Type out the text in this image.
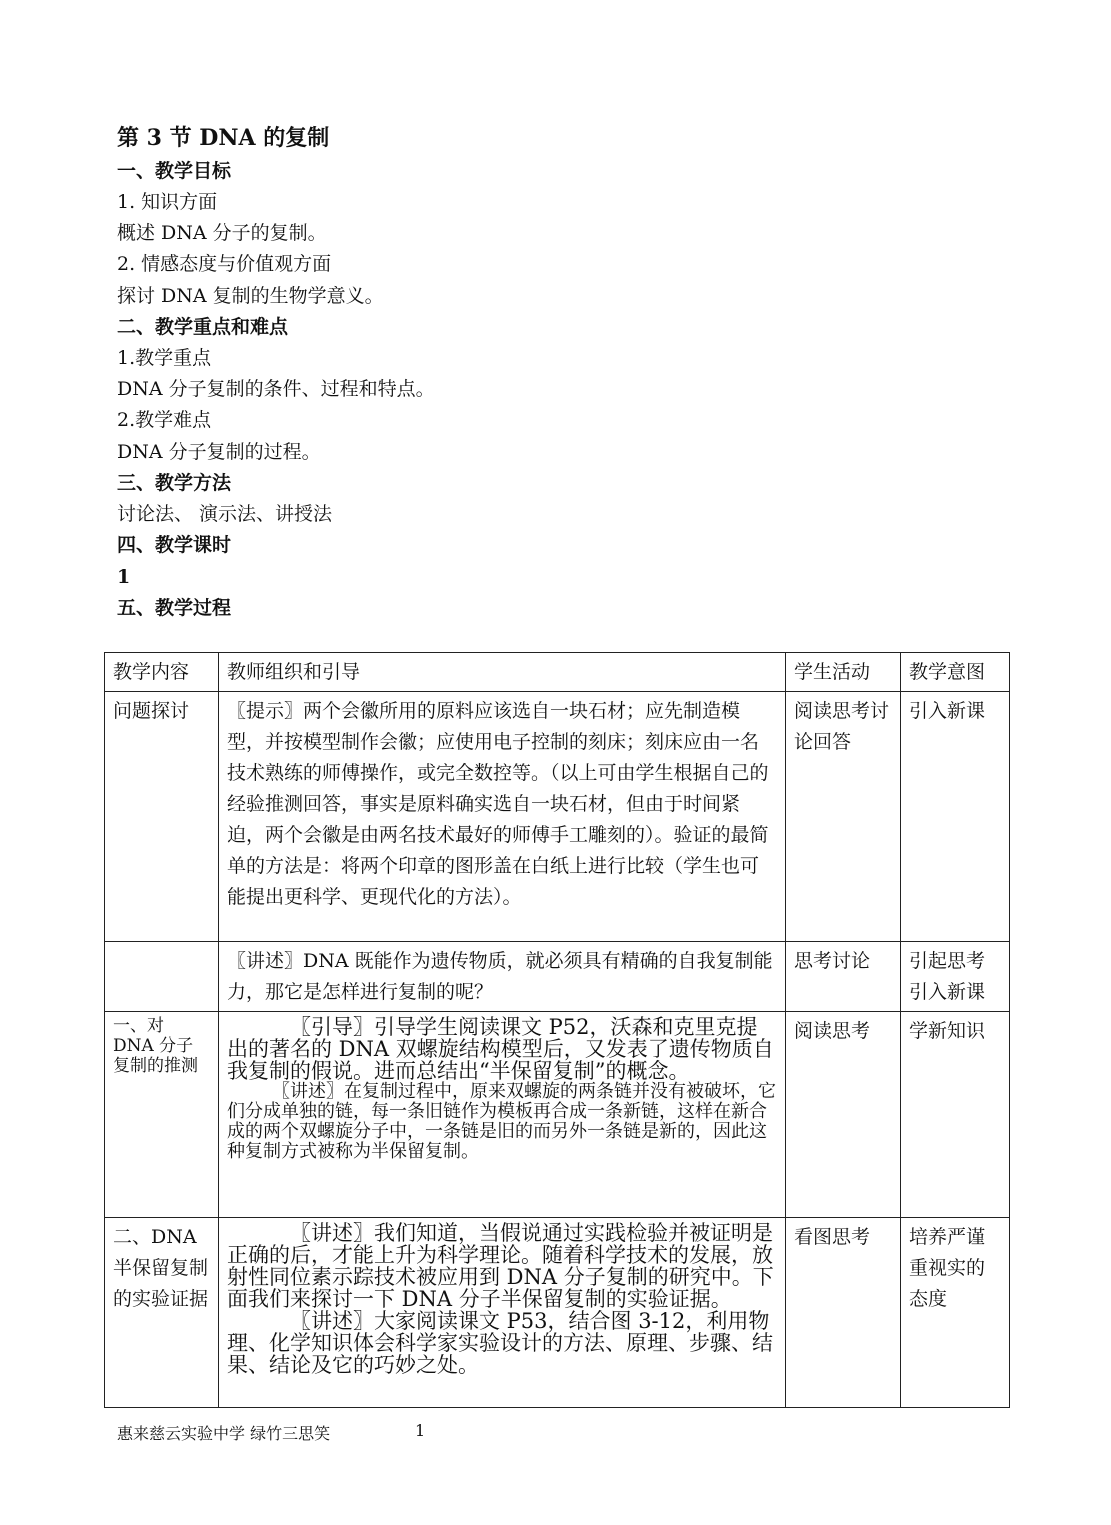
第 3 节 DNA 的复制
一、教学目标
1. 知识方面
概述 DNA 分子的复制。
2. 情感态度与价值观方面
探讨 DNA 复制的生物学意义。
二、教学重点和难点
1.教学重点
DNA 分子复制的条件、过程和特点。
2.教学难点
DNA 分子复制的过程。
三、教学方法
讨论法、 演示法、讲授法
四、教学课时
1
五、教学过程
教学内容	教师组织和引导	学生活动	教学意图
问题探讨	〖提示〗两个会徽所用的原料应该选自一块石材；应先制造模型，并按模型制作会徽；应使用电子控制的刻床；刻床应由一名技术熟练的师傅操作，或完全数控等。（以上可由学生根据自己的经验推测回答，事实是原料确实选自一块石材，但由于时间紧迫，两个会徽是由两名技术最好的师傅手工雕刻的）。验证的最简单的方法是：将两个印章的图形盖在白纸上进行比较（学生也可能提出更科学、更现代化的方法）。	阅读思考讨论回答	引入新课
	〖讲述〗DNA 既能作为遗传物质，就必须具有精确的自我复制能力，那它是怎样进行复制的呢？	思考讨论	引起思考引入新课
一、对 DNA 分子复制的推测	〖引导〗引导学生阅读课文 P52，沃森和克里克提出的著名的 DNA 双螺旋结构模型后，又发表了遗传物质自我复制的假说。进而总结出“半保留复制”的概念。

〖讲述〗在复制过程中，原来双螺旋的两条链并没有被破坏，它们分成单独的链，每一条旧链作为模板再合成一条新链，这样在新合成的两个双螺旋分子中，一条链是旧的而另外一条链是新的，因此这种复制方式被称为半保留复制。	阅读思考	学新知识
二、DNA 半保留复制的实验证据	〖讲述〗我们知道，当假说通过实践检验并被证明是正确的后，才能上升为科学理论。随着科学技术的发展，放射性同位素示踪技术被应用到 DNA 分子复制的研究中。下面我们来探讨一下 DNA 分子半保留复制的实验证据。

〖讲述〗大家阅读课文 P53，结合图 3-12，利用物理、化学知识体会科学家实验设计的方法、原理、步骤、结果、结论及它的巧妙之处。	看图思考	培养严谨重视实的态度
惠来慈云实验中学 绿竹三思笑	1
